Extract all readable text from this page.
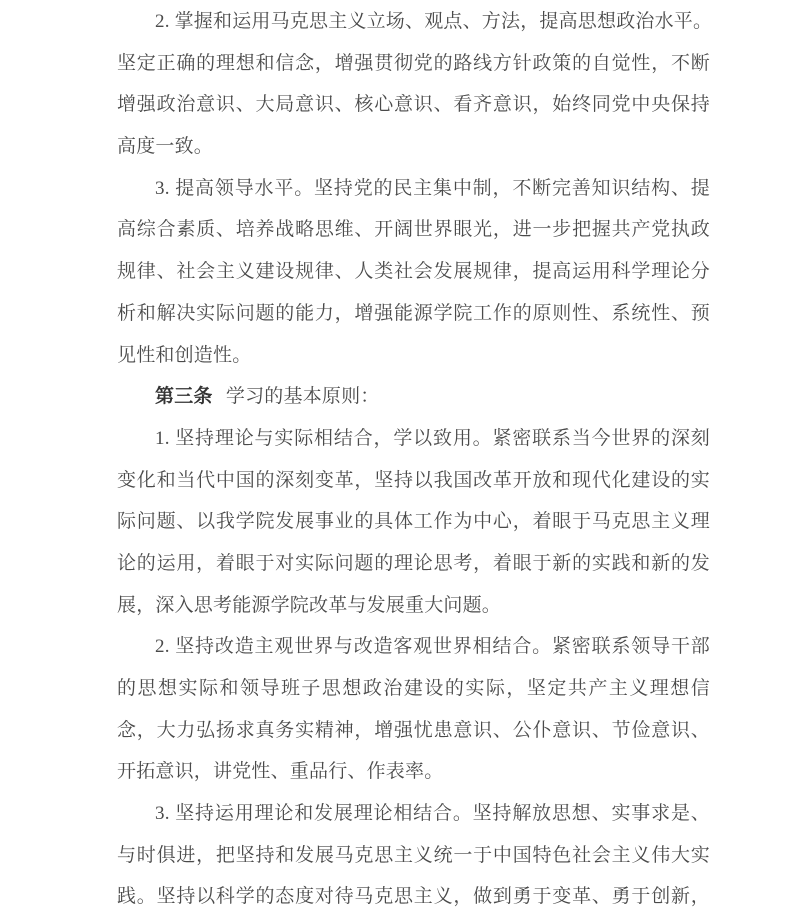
2. 掌握和运用马克思主义立场、观点、方法，提高思想政治水平。
坚定正确的理想和信念，增强贯彻党的路线方针政策的自觉性，不断
增强政治意识、大局意识、核心意识、看齐意识，始终同党中央保持
高度一致。
3. 提高领导水平。坚持党的民主集中制，不断完善知识结构、提
高综合素质、培养战略思维、开阔世界眼光，进一步把握共产党执政
规律、社会主义建设规律、人类社会发展规律，提高运用科学理论分
析和解决实际问题的能力，增强能源学院工作的原则性、系统性、预
见性和创造性。
第三条 学习的基本原则：
1. 坚持理论与实际相结合，学以致用。紧密联系当今世界的深刻
变化和当代中国的深刻变革，坚持以我国改革开放和现代化建设的实
际问题、以我学院发展事业的具体工作为中心，着眼于马克思主义理
论的运用，着眼于对实际问题的理论思考，着眼于新的实践和新的发
展，深入思考能源学院改革与发展重大问题。
2. 坚持改造主观世界与改造客观世界相结合。紧密联系领导干部
的思想实际和领导班子思想政治建设的实际，坚定共产主义理想信
念，大力弘扬求真务实精神，增强忧患意识、公仆意识、节俭意识、
开拓意识，讲党性、重品行、作表率。
3. 坚持运用理论和发展理论相结合。坚持解放思想、实事求是、
与时俱进，把坚持和发展马克思主义统一于中国特色社会主义伟大实
践。坚持以科学的态度对待马克思主义，做到勇于变革、勇于创新，
